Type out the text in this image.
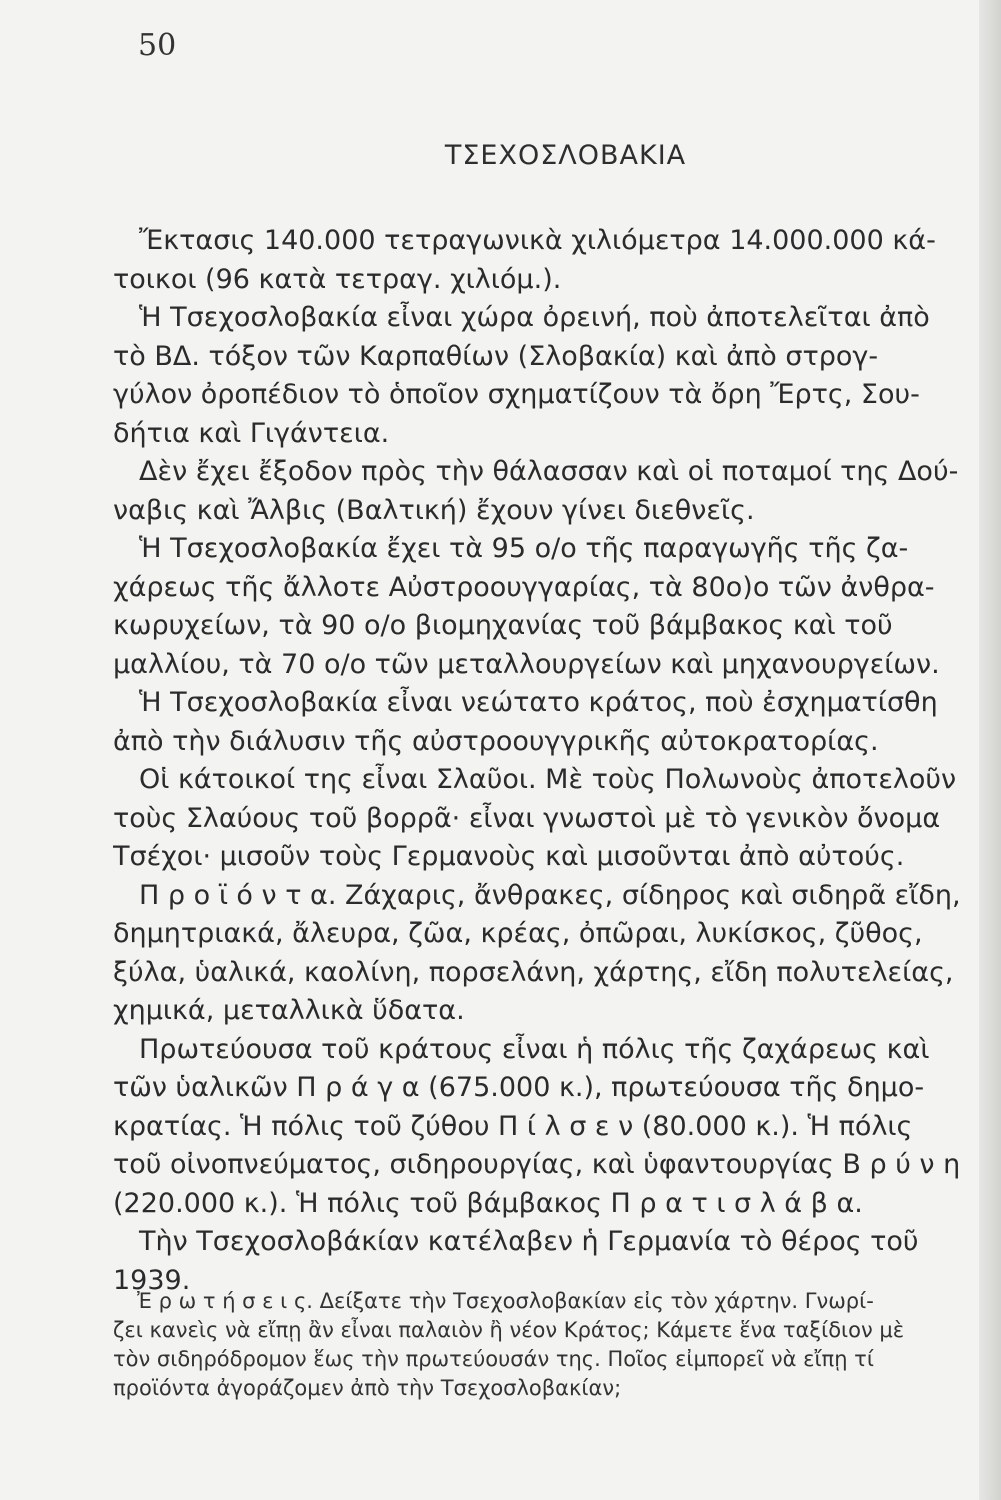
50
ΤΣΕΧΟΣΛΟΒΑΚΙΑ
Ἔκτασις 140.000 τετραγωνικὰ χιλιόμετρα 14.000.000 κά-
τοικοι (96 κατὰ τετραγ. χιλιόμ.).
Ἡ Τσεχοσλοβακία εἶναι χώρα ὀρεινή, ποὺ ἀποτελεῖται ἀπὸ
τὸ ΒΔ. τόξον τῶν Καρπαθίων (Σλοβακία) καὶ ἀπὸ στρογ-
γύλον ὀροπέδιον τὸ ὁποῖον σχηματίζουν τὰ ὄρη Ἔρτς, Σου-
δήτια καὶ Γιγάντεια.
Δὲν ἔχει ἔξοδον πρὸς τὴν θάλασσαν καὶ οἱ ποταμοί της Δού-
ναβις καὶ Ἄλβις (Βαλτική) ἔχουν γίνει διεθνεῖς.
Ἡ Τσεχοσλοβακία ἔχει τὰ 95 ο/ο τῆς παραγωγῆς τῆς ζα-
χάρεως τῆς ἄλλοτε Αὐστροουγγαρίας, τὰ 80ο)ο τῶν ἀνθρα-
κωρυχείων, τὰ 90 ο/ο βιομηχανίας τοῦ βάμβακος καὶ τοῦ
μαλλίου, τὰ 70 ο/ο τῶν μεταλλουργείων καὶ μηχανουργείων.
Ἡ Τσεχοσλοβακία εἶναι νεώτατο κράτος, ποὺ ἐσχηματίσθη
ἀπὸ τὴν διάλυσιν τῆς αὐστροουγγρικῆς αὐτοκρατορίας.
Οἱ κάτοικοί της εἶναι Σλαῦοι. Μὲ τοὺς Πολωνοὺς ἀποτελοῦν
τοὺς Σλαύους τοῦ βορρᾶ· εἶναι γνωστοὶ μὲ τὸ γενικὸν ὄνομα
Τσέχοι· μισοῦν τοὺς Γερμανοὺς καὶ μισοῦνται ἀπὸ αὐτούς.
Π ρ ο ϊ ό ν τ α. Ζάχαρις, ἄνθρακες, σίδηρος καὶ σιδηρᾶ εἴδη,
δημητριακά, ἄλευρα, ζῶα, κρέας, ὀπῶραι, λυκίσκος, ζῦθος,
ξύλα, ὑαλικά, καολίνη, πορσελάνη, χάρτης, εἴδη πολυτελείας,
χημικά, μεταλλικὰ ὕδατα.
Πρωτεύουσα τοῦ κράτους εἶναι ἡ πόλις τῆς ζαχάρεως καὶ
τῶν ὑαλικῶν Π ρ ά γ α (675.000 κ.), πρωτεύουσα τῆς δημο-
κρατίας. Ἡ πόλις τοῦ ζύθου Π ί λ σ ε ν (80.000 κ.). Ἡ πόλις
τοῦ οἰνοπνεύματος, σιδηρουργίας, καὶ ὑφαντουργίας Β ρ ύ ν η
(220.000 κ.). Ἡ πόλις τοῦ βάμβακος Π ρ α τ ι σ λ ά β α.
Τὴν Τσεχοσλοβάκίαν κατέλαβεν ἡ Γερμανία τὸ θέρος τοῦ
1939.
Ἐ ρ ω τ ή σ ε ι ς. Δείξατε τὴν Τσεχοσλοβακίαν εἰς τὸν χάρτην. Γνωρί-
ζει κανεὶς νὰ εἴπῃ ἂν εἶναι παλαιὸν ἢ νέον Κράτος; Κάμετε ἕνα ταξίδιον μὲ
τὸν σιδηρόδρομον ἕως τὴν πρωτεύουσάν της. Ποῖος εἰμπορεῖ νὰ εἴπῃ τί
προϊόντα ἀγοράζομεν ἀπὸ τὴν Τσεχοσλοβακίαν;
